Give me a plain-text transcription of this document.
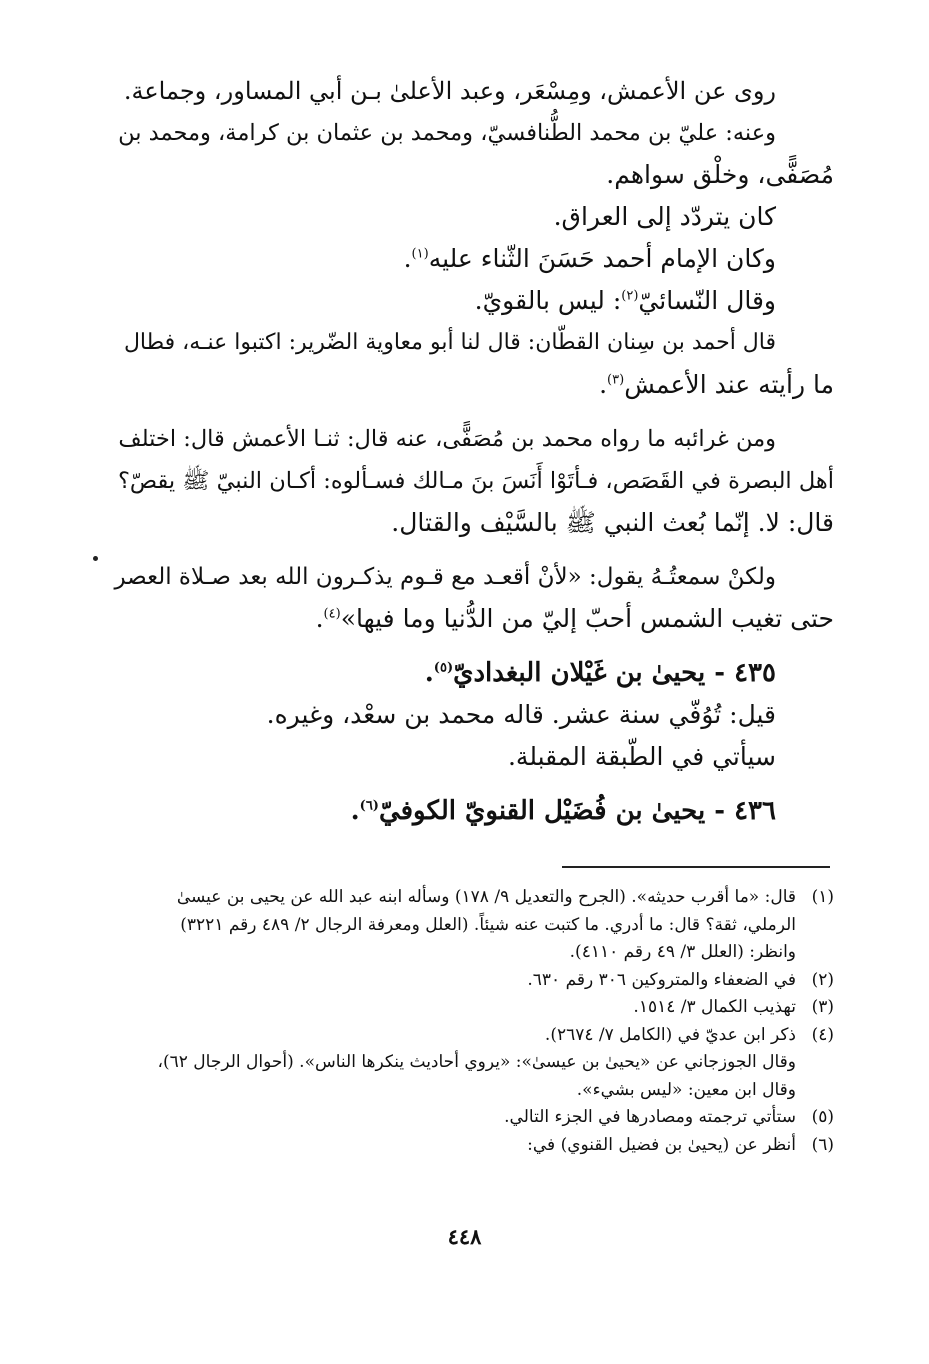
روى عن الأعمش، ومِسْعَر، وعبد الأعلىٰ بـن أبي المساور، وجماعة.

وعنه: عليّ بن محمد الطُّنافسيّ، ومحمد بن عثمان بن كرامة، ومحمد بن

مُصَفًّى، وخلْق سواهم.

كان يتردّد إلى العراق.

وكان الإمام أحمد حَسَنَ الثّناء عليه$^{(١)}$.

وقال النّسائيّ$^{(٢)}$: ليس بالقويّ.

قال أحمد بن سِنان القطّان: قال لنا أبو معاوية الضّرير: اكتبوا عنـه، فطال

ما رأيته عند الأعمش$^{(٣)}$.

ومن غرائبه ما رواه محمد بن مُصَفًّى، عنه قال: ثنـا الأعمش قال: اختلف

أهل البصرة في القَصَص، فـأتَوْا أَنَسَ بنَ مـالك فسـألوه: أكـان النبيّ ﷺ يقصّ؟

قال: لا. إنّما بُعث النبي ﷺ بالسَّيْف والقتال.

ولكنْ سمعتُـهُ يقول: «لأنْ أقعـد مع قـوم يذكـرون الله بعد صـلاة العصر

حتى تغيب الشمس أحبّ إليّ من الدُّنيا وما فيها»$^{(٤)}$.

٤٣٥ - يحيىٰ بن غَيْلان البغداديّ$^{(٥)}$.

قيل: تُوُفّي سنة عشر. قاله محمد بن سعْد، وغيره.

سيأتي في الطّبقة المقبلة.

٤٣٦ - يحيىٰ بن فُضَيْل القنويّ الكوفيّ$^{(٦)}$.

(١)قال: «ما أقرب حديثه». (الجرح والتعديل ٩/ ١٧٨) وسأله ابنه عبد الله عن يحيى بن عيسىٰ

الرملي، ثقة؟ قال: ما أدري. ما كتبت عنه شيئاً. (العلل ومعرفة الرجال ٢/ ٤٨٩ رقم ٣٢٢١)

وانظر: (العلل ٣/ ٤٩ رقم ٤١١٠).

(٢)في الضعفاء والمتروكين ٣٠٦ رقم ٦٣٠.

(٣)تهذيب الكمال ٣/ ١٥١٤.

(٤)ذكر ابن عديّ في (الكامل ٧/ ٢٦٧٤).

وقال الجوزجاني عن «يحيىٰ بن عيسىٰ»: «يروي أحاديث ينكرها الناس». (أحوال الرجال ٦٢)،

وقال ابن معين: «ليس بشيء».

(٥)ستأتي ترجمته ومصادرها في الجزء التالي.

(٦)أنظر عن (يحيىٰ بن فضيل القنوي) في:

٤٤٨
